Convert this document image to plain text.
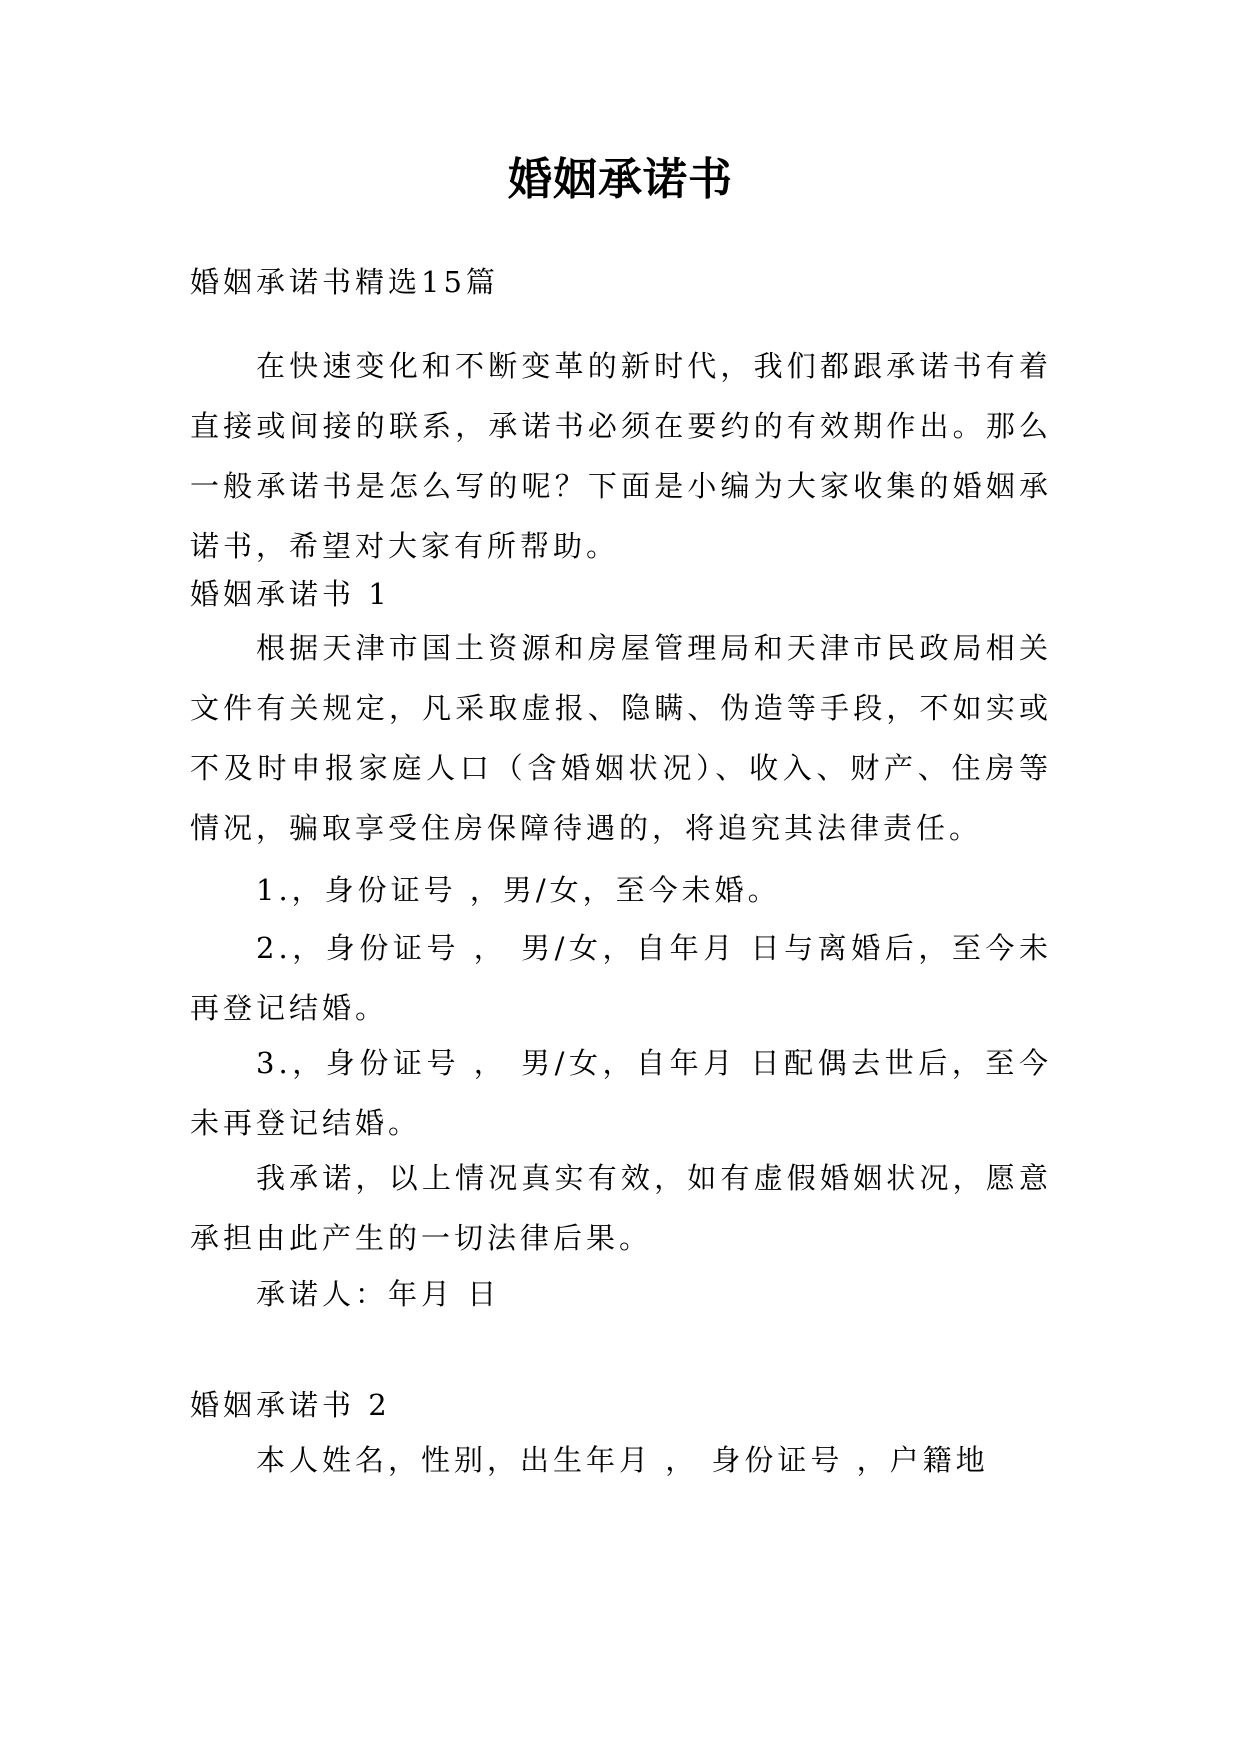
婚姻承诺书
婚姻承诺书精选15篇
在快速变化和不断变革的新时代，我们都跟承诺书有着直接或间接的联系，承诺书必须在要约的有效期作出。那么一般承诺书是怎么写的呢？下面是小编为大家收集的婚姻承诺书，希望对大家有所帮助。
婚姻承诺书 1
根据天津市国土资源和房屋管理局和天津市民政局相关文件有关规定，凡采取虚报、隐瞒、伪造等手段，不如实或不及时申报家庭人口（含婚姻状况）、收入、财产、住房等情况，骗取享受住房保障待遇的，将追究其法律责任。
1.，身份证号 ，男/女，至今未婚。
2.，身份证号 ， 男/女，自年月 日与离婚后，至今未再登记结婚。
3.，身份证号 ， 男/女，自年月 日配偶去世后，至今未再登记结婚。
我承诺，以上情况真实有效，如有虚假婚姻状况，愿意承担由此产生的一切法律后果。
承诺人：年月 日
婚姻承诺书 2
本人姓名，性别，出生年月 ， 身份证号 ，户籍地
